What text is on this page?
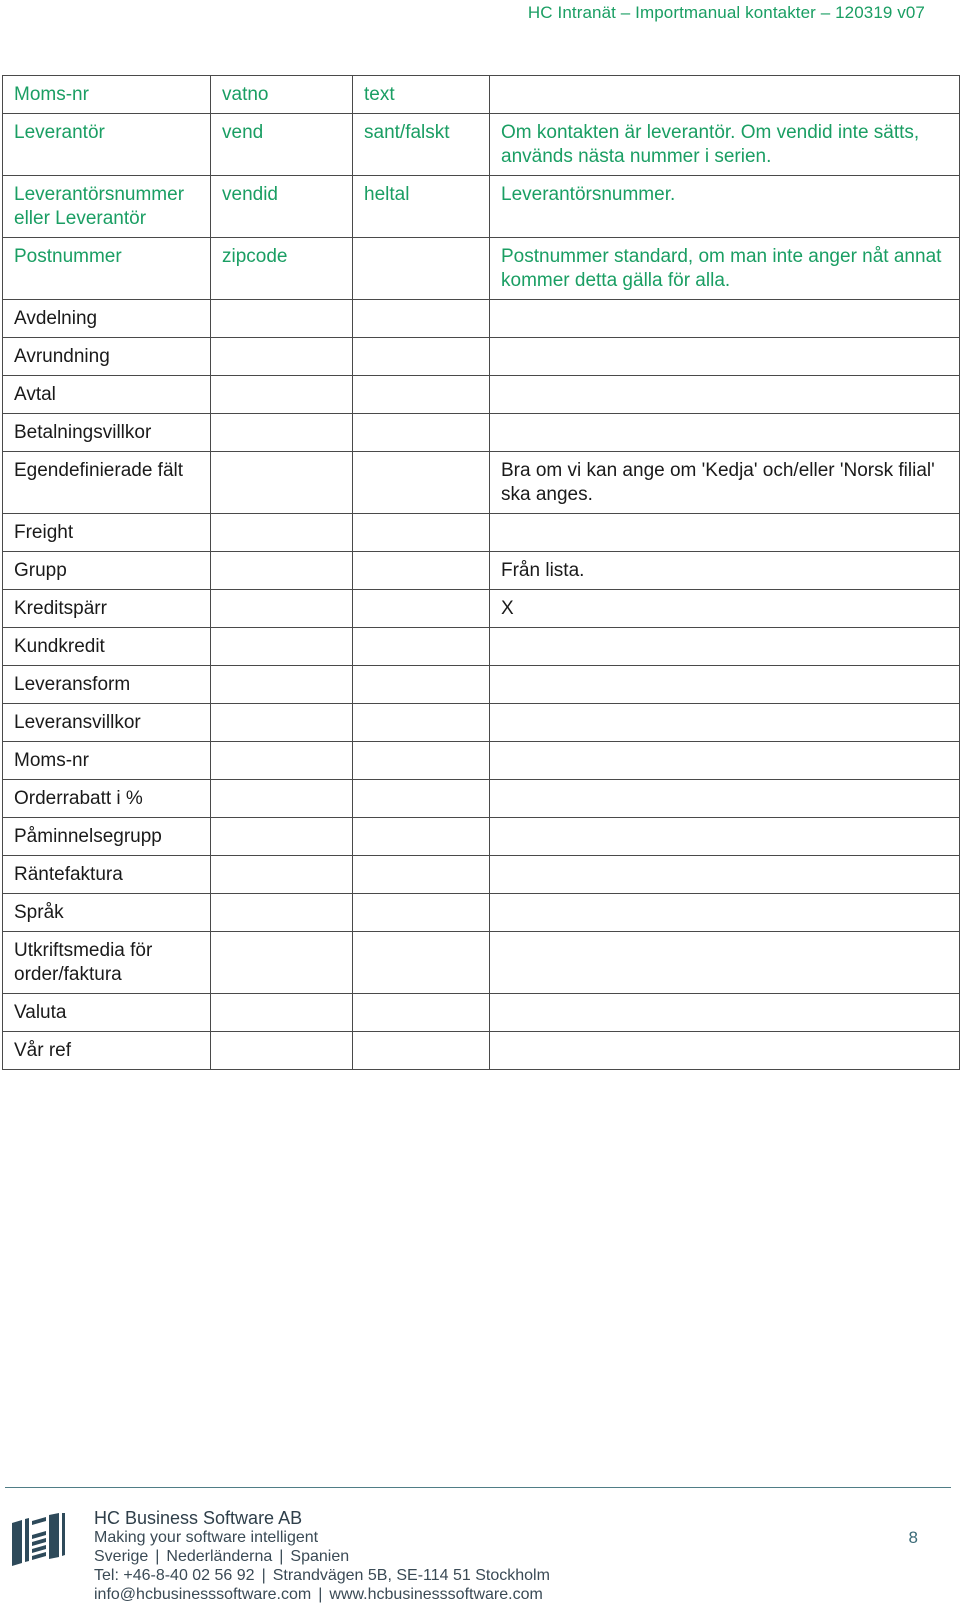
HC Intranät – Importmanual kontakter – 120319 v07
Moms-nr	vatno	text	
Leverantör	vend	sant/falskt	Om kontakten är leverantör. Om vendid inte sätts, används nästa nummer i serien.
Leverantörsnummer eller Leverantör	vendid	heltal	Leverantörsnummer.
Postnummer	zipcode		Postnummer standard, om man inte anger nåt annat kommer detta gälla för alla.
Avdelning			
Avrundning			
Avtal			
Betalningsvillkor			
Egendefinierade fält			Bra om vi kan ange om 'Kedja' och/eller 'Norsk filial' ska anges.
Freight			
Grupp			Från lista.
Kreditspärr			X
Kundkredit			
Leveransform			
Leveransvillkor			
Moms-nr			
Orderrabatt i %			
Påminnelsegrupp			
Räntefaktura			
Språk			
Utkriftsmedia för order/faktura			
Valuta			
Vår ref			
HC Business Software AB
Making your software intelligent
Sverige | Nederländerna | Spanien
Tel: +46-8-40 02 56 92 | Strandvägen 5B, SE-114 51 Stockholm
info@hcbusinesssoftware.com | www.hcbusinesssoftware.com
8
